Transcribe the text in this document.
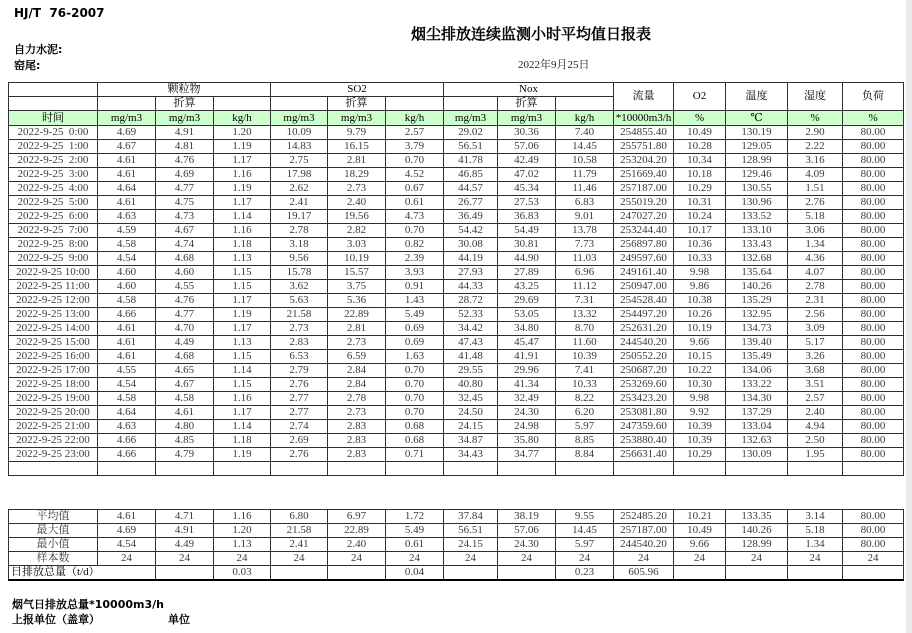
HJ/T  76-2007
烟尘排放连续监测小时平均值日报表
自力水泥:
窑尾:	2022年9月25日
	颗粒物			SO2			Nox			流量	O2	温度	湿度	负荷
		折算			折算			折算						
时间	mg/m3	mg/m3	kg/h	mg/m3	mg/m3	kg/h	mg/m3	mg/m3	kg/h	*10000m3/h	%	℃	%	%
2022-9-25  0:00	4.69	4.91	1.20	10.09	9.79	2.57	29.02	30.36	7.40	254855.40	10.49	130.19	2.90	80.00
2022-9-25  1:00	4.67	4.81	1.19	14.83	16.15	3.79	56.51	57.06	14.45	255751.80	10.28	129.05	2.22	80.00
2022-9-25  2:00	4.61	4.76	1.17	2.75	2.81	0.70	41.78	42.49	10.58	253204.20	10.34	128.99	3.16	80.00
2022-9-25  3:00	4.61	4.69	1.16	17.98	18.29	4.52	46.85	47.02	11.79	251669.40	10.18	129.46	4.09	80.00
2022-9-25  4:00	4.64	4.77	1.19	2.62	2.73	0.67	44.57	45.34	11.46	257187.00	10.29	130.55	1.51	80.00
2022-9-25  5:00	4.61	4.75	1.17	2.41	2.40	0.61	26.77	27.53	6.83	255019.20	10.31	130.96	2.76	80.00
2022-9-25  6:00	4.63	4.73	1.14	19.17	19.56	4.73	36.49	36.83	9.01	247027.20	10.24	133.52	5.18	80.00
2022-9-25  7:00	4.59	4.67	1.16	2.78	2.82	0.70	54.42	54.49	13.78	253244.40	10.17	133.10	3.06	80.00
2022-9-25  8:00	4.58	4.74	1.18	3.18	3.03	0.82	30.08	30.81	7.73	256897.80	10.36	133.43	1.34	80.00
2022-9-25  9:00	4.54	4.68	1.13	9.56	10.19	2.39	44.19	44.90	11.03	249597.60	10.33	132.68	4.36	80.00
2022-9-25 10:00	4.60	4.60	1.15	15.78	15.57	3.93	27.93	27.89	6.96	249161.40	9.98	135.64	4.07	80.00
2022-9-25 11:00	4.60	4.55	1.15	3.62	3.75	0.91	44.33	43.25	11.12	250947.00	9.86	140.26	2.78	80.00
2022-9-25 12:00	4.58	4.76	1.17	5.63	5.36	1.43	28.72	29.69	7.31	254528.40	10.38	135.29	2.31	80.00
2022-9-25 13:00	4.66	4.77	1.19	21.58	22.89	5.49	52.33	53.05	13.32	254497.20	10.26	132.95	2.56	80.00
2022-9-25 14:00	4.61	4.70	1.17	2.73	2.81	0.69	34.42	34.80	8.70	252631.20	10.19	134.73	3.09	80.00
2022-9-25 15:00	4.61	4.49	1.13	2.83	2.73	0.69	47.43	45.47	11.60	244540.20	9.66	139.40	5.17	80.00
2022-9-25 16:00	4.61	4.68	1.15	6.53	6.59	1.63	41.48	41.91	10.39	250552.20	10.15	135.49	3.26	80.00
2022-9-25 17:00	4.55	4.65	1.14	2.79	2.84	0.70	29.55	29.96	7.41	250687.20	10.22	134.06	3.68	80.00
2022-9-25 18:00	4.54	4.67	1.15	2.76	2.84	0.70	40.80	41.34	10.33	253269.60	10.30	133.22	3.51	80.00
2022-9-25 19:00	4.58	4.58	1.16	2.77	2.78	0.70	32.45	32.49	8.22	253423.20	9.98	134.30	2.57	80.00
2022-9-25 20:00	4.64	4.61	1.17	2.77	2.73	0.70	24.50	24.30	6.20	253081.80	9.92	137.29	2.40	80.00
2022-9-25 21:00	4.63	4.80	1.14	2.74	2.83	0.68	24.15	24.98	5.97	247359.60	10.39	133.04	4.94	80.00
2022-9-25 22:00	4.66	4.85	1.18	2.69	2.83	0.68	34.87	35.80	8.85	253880.40	10.39	132.63	2.50	80.00
2022-9-25 23:00	4.66	4.79	1.19	2.76	2.83	0.71	34.43	34.77	8.84	256631.40	10.29	130.09	1.95	80.00

平均值	4.61	4.71	1.16	6.80	6.97	1.72	37.84	38.19	9.55	252485.20	10.21	133.35	3.14	80.00
最大值	4.69	4.91	1.20	21.58	22.89	5.49	56.51	57.06	14.45	257187.00	10.49	140.26	5.18	80.00
最小值	4.54	4.49	1.13	2.41	2.40	0.61	24.15	24.30	5.97	244540.20	9.66	128.99	1.34	80.00
样本数	24	24	24	24	24	24	24	24	24	24	24	24	24	24
日排放总量（t/d）			0.03			0.04			0.23	605.96				
烟气日排放总量*10000m3/h
上报单位（盖章）	单位
